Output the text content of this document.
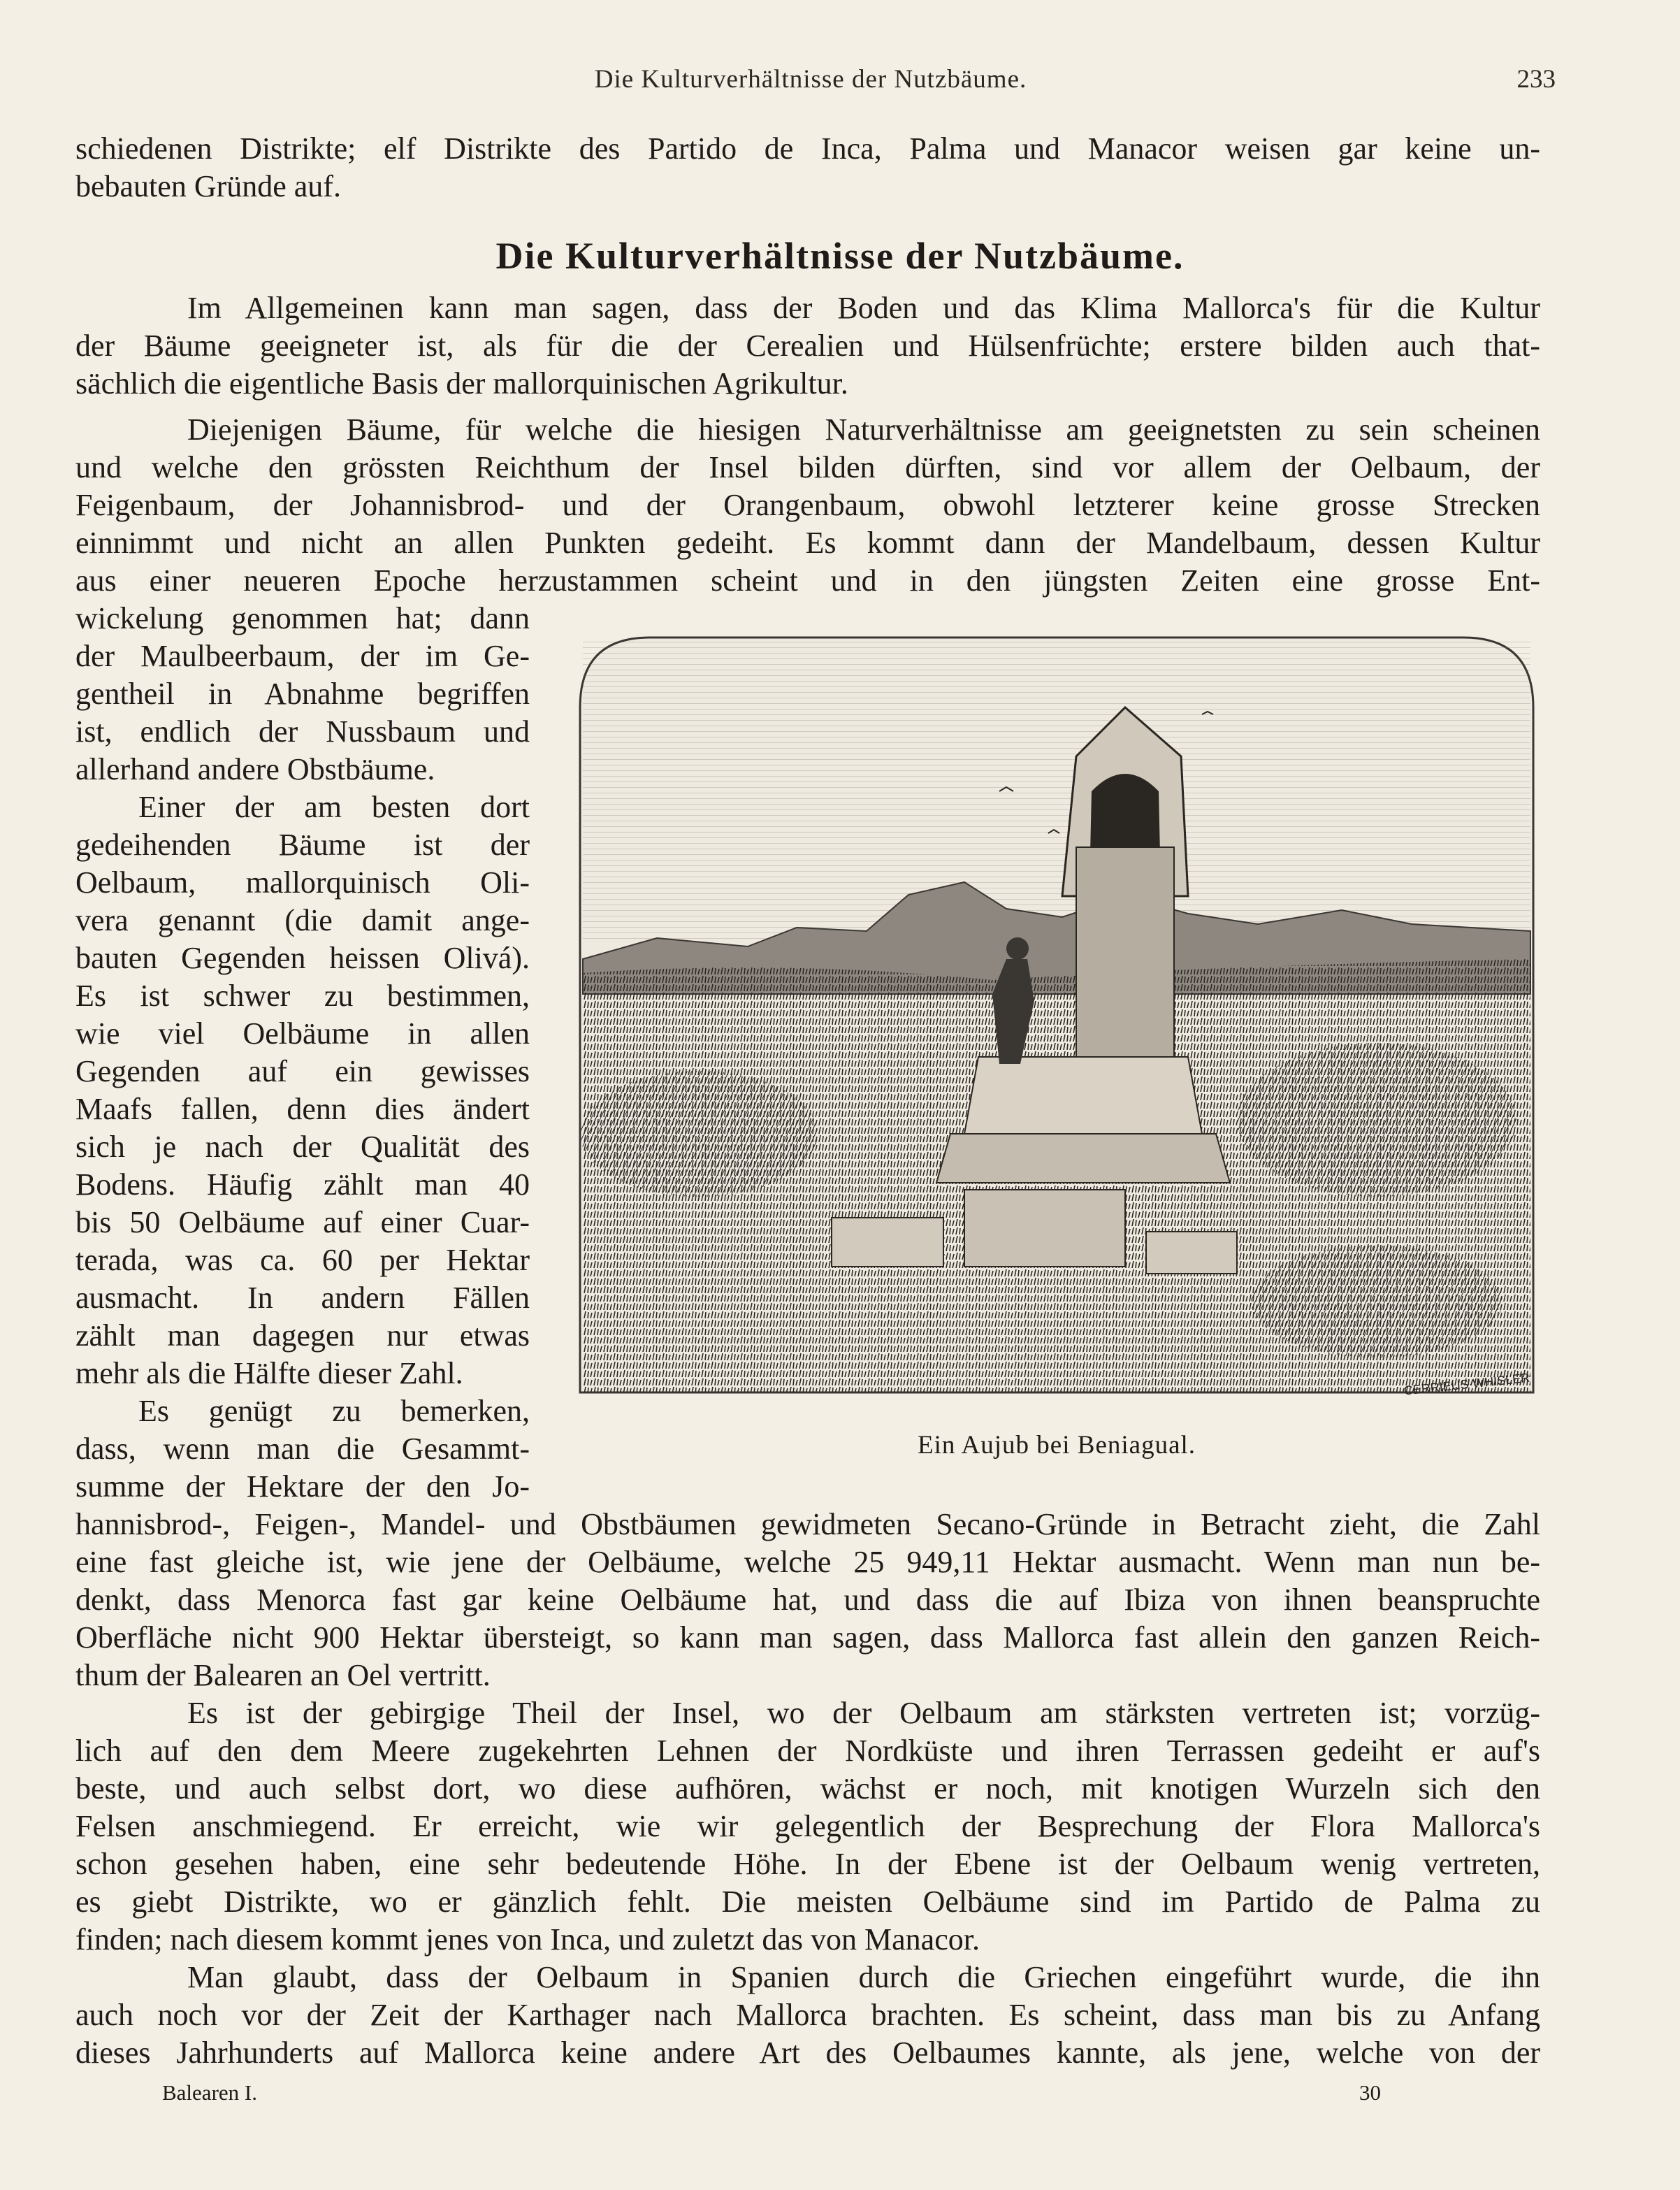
Die Kulturverhältnisse der Nutzbäume.	233
schiedenen Distrikte; elf Distrikte des Partido de Inca, Palma und Manacor weisen gar keine un-
bebauten Gründe auf.
Die Kulturverhältnisse der Nutzbäume.
Im Allgemeinen kann man sagen, dass der Boden und das Klima Mallorca's für die Kultur
der Bäume geeigneter ist, als für die der Cerealien und Hülsenfrüchte; erstere bilden auch that-
sächlich die eigentliche Basis der mallorquinischen Agrikultur.
Diejenigen Bäume, für welche die hiesigen Naturverhältnisse am geeignetsten zu sein scheinen
und welche den grössten Reichthum der Insel bilden dürften, sind vor allem der Oelbaum, der
Feigenbaum, der Johannisbrod- und der Orangenbaum, obwohl letzterer keine grosse Strecken
einnimmt und nicht an allen Punkten gedeiht. Es kommt dann der Mandelbaum, dessen Kultur
aus einer neueren Epoche herzustammen scheint und in den jüngsten Zeiten eine grosse Ent-
wickelung genommen hat; dann
der Maulbeerbaum, der im Ge-
gentheil in Abnahme begriffen
ist, endlich der Nussbaum und
allerhand andere Obstbäume.
Einer der am besten dort
gedeihenden Bäume ist der
Oelbaum, mallorquinisch Oli-
vera genannt (die damit ange-
bauten Gegenden heissen Olivá).
Es ist schwer zu bestimmen,
wie viel Oelbäume in allen
Gegenden auf ein gewisses
Maafs fallen, denn dies ändert
sich je nach der Qualität des
Bodens. Häufig zählt man 40
bis 50 Oelbäume auf einer Cuar-
terada, was ca. 60 per Hektar
ausmacht. In andern Fällen
zählt man dagegen nur etwas
mehr als die Hälfte dieser Zahl.
Es genügt zu bemerken,
dass, wenn man die Gesammt-
summe der Hektare der den Jo-
hannisbrod-, Feigen-, Mandel- und Obstbäumen gewidmeten Secano-Gründe in Betracht zieht, die Zahl
eine fast gleiche ist, wie jene der Oelbäume, welche 25 949,11 Hektar ausmacht. Wenn man nun be-
denkt, dass Menorca fast gar keine Oelbäume hat, und dass die auf Ibiza von ihnen beanspruchte
Oberfläche nicht 900 Hektar übersteigt, so kann man sagen, dass Mallorca fast allein den ganzen Reich-
thum der Balearen an Oel vertritt.
Es ist der gebirgige Theil der Insel, wo der Oelbaum am stärksten vertreten ist; vorzüg-
lich auf den dem Meere zugekehrten Lehnen der Nordküste und ihren Terrassen gedeiht er auf's
beste, und auch selbst dort, wo diese aufhören, wächst er noch, mit knotigen Wurzeln sich den
Felsen anschmiegend. Er erreicht, wie wir gelegentlich der Besprechung der Flora Mallorca's
schon gesehen haben, eine sehr bedeutende Höhe. In der Ebene ist der Oelbaum wenig vertreten,
es giebt Distrikte, wo er gänzlich fehlt. Die meisten Oelbäume sind im Partido de Palma zu
finden; nach diesem kommt jenes von Inca, und zuletzt das von Manacor.
Man glaubt, dass der Oelbaum in Spanien durch die Griechen eingeführt wurde, die ihn
auch noch vor der Zeit der Karthager nach Mallorca brachten. Es scheint, dass man bis zu Anfang
dieses Jahrhunderts auf Mallorca keine andere Art des Oelbaumes kannte, als jene, welche von der
CERRIEUS·WHISLER
Ein Aujub bei Beniagual.
Balearen I.	30
